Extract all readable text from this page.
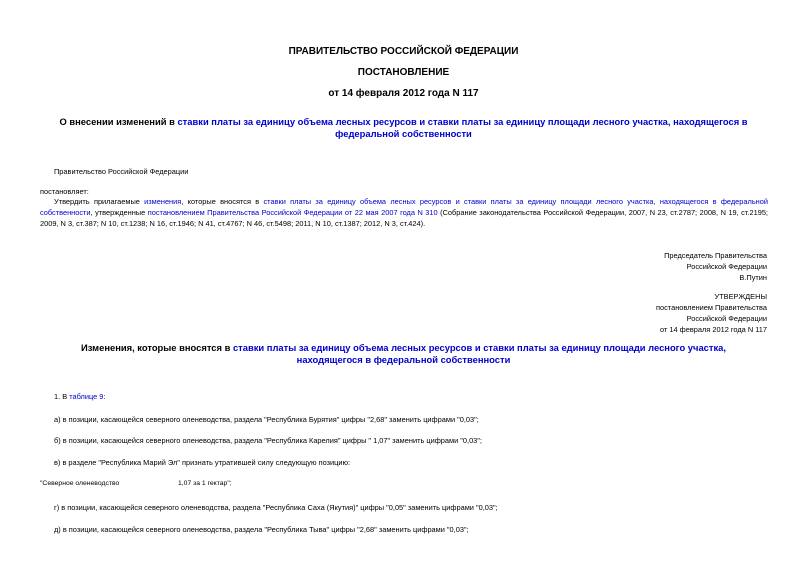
ПРАВИТЕЛЬСТВО РОССИЙСКОЙ ФЕДЕРАЦИИ
ПОСТАНОВЛЕНИЕ
от 14 февраля 2012 года N 117
О внесении изменений в ставки платы за единицу объема лесных ресурсов и ставки платы за единицу площади лесного участка, находящегося в федеральной собственности
Правительство Российской Федерации
постановляет:
Утвердить прилагаемые изменения, которые вносятся в ставки платы за единицу объема лесных ресурсов и ставки платы за единицу площади лесного участка, находящегося в федеральной собственности, утвержденные постановлением Правительства Российской Федерации от 22 мая 2007 года N 310 (Собрание законодательства Российской Федерации, 2007, N 23, ст.2787; 2008, N 19, ст.2195; 2009, N 3, ст.387; N 10, ст.1238; N 16, ст.1946; N 41, ст.4767; N 46, ст.5498; 2011, N 10, ст.1387; 2012, N 3, ст.424).
Председатель Правительства
Российской Федерации
В.Путин
УТВЕРЖДЕНЫ
постановлением Правительства
Российской Федерации
от 14 февраля 2012 года N 117
Изменения, которые вносятся в ставки платы за единицу объема лесных ресурсов и ставки платы за единицу площади лесного участка, находящегося в федеральной собственности
1. В таблице 9:
а) в позиции, касающейся северного оленеводства, раздела "Республика Бурятия" цифры "2,68" заменить цифрами "0,03";
б) в позиции, касающейся северного оленеводства, раздела "Республика Карелия" цифры " 1,07" заменить цифрами "0,03";
в) в разделе "Республика Марий Эл" признать утратившей силу следующую позицию:
"Северное оленеводство	1,07 за 1 гектар";
г) в позиции, касающейся северного оленеводства, раздела "Республика Саха (Якутия)" цифры "0,05" заменить цифрами "0,03";
д) в позиции, касающейся северного оленеводства, раздела "Республика Тыва" цифры "2,68" заменить цифрами "0,03";
